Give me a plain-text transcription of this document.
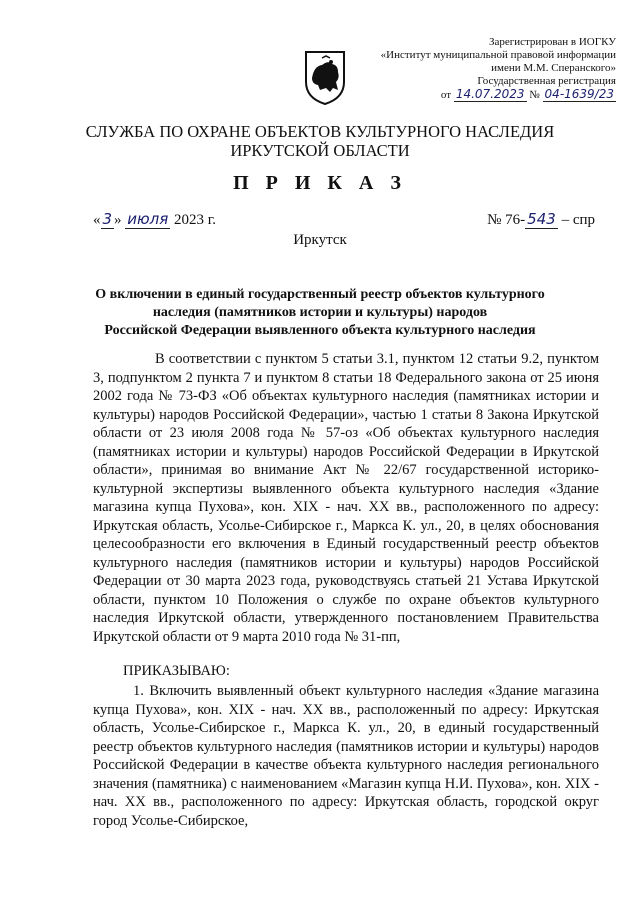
Зарегистрирован в ИОГКУ
«Институт муниципальной правовой информации
имени М.М. Сперанского»
Государственная регистрация
от 14.07.2023 № 04-1639/23
СЛУЖБА ПО ОХРАНЕ ОБЪЕКТОВ КУЛЬТУРНОГО НАСЛЕДИЯ
ИРКУТСКОЙ ОБЛАСТИ
П Р И К А З
« 3 » июля 2023 г.	№ 76- 543 – спр
Иркутск
О включении в единый государственный реестр объектов культурного
наследия (памятников истории и культуры) народов
Российской Федерации выявленного объекта культурного наследия
В соответствии с пунктом 5 статьи 3.1, пунктом 12 статьи 9.2, пунктом 3, подпунктом 2 пункта 7 и пунктом 8 статьи 18 Федерального закона от 25 июня 2002 года № 73-ФЗ «Об объектах культурного наследия (памятниках истории и культуры) народов Российской Федерации», частью 1 статьи 8 Закона Иркутской области от 23 июля 2008 года № 57-оз «Об объектах культурного наследия (памятниках истории и культуры) народов Российской Федерации в Иркутской области», принимая во внимание Акт № 22/67 государственной историко-культурной экспертизы выявленного объекта культурного наследия «Здание магазина купца Пухова», кон. XIX - нач. XX вв., расположенного по адресу: Иркутская область, Усолье-Сибирское г., Маркса К. ул., 20, в целях обоснования целесообразности его включения в Единый государственный реестр объектов культурного наследия (памятников истории и культуры) народов Российской Федерации от 30 марта 2023 года, руководствуясь статьей 21 Устава Иркутской области, пунктом 10 Положения о службе по охране объектов культурного наследия Иркутской области, утвержденного постановлением Правительства Иркутской области от 9 марта 2010 года № 31-пп,
ПРИКАЗЫВАЮ:
1. Включить выявленный объект культурного наследия «Здание магазина купца Пухова», кон. XIX - нач. XX вв., расположенный по адресу: Иркутская область, Усолье-Сибирское г., Маркса К. ул., 20, в единый государственный реестр объектов культурного наследия (памятников истории и культуры) народов Российской Федерации в качестве объекта культурного наследия регионального значения (памятника) с наименованием «Магазин купца Н.И. Пухова», кон. XIX - нач. XX вв., расположенного по адресу: Иркутская область, городской округ город Усолье-Сибирское,
